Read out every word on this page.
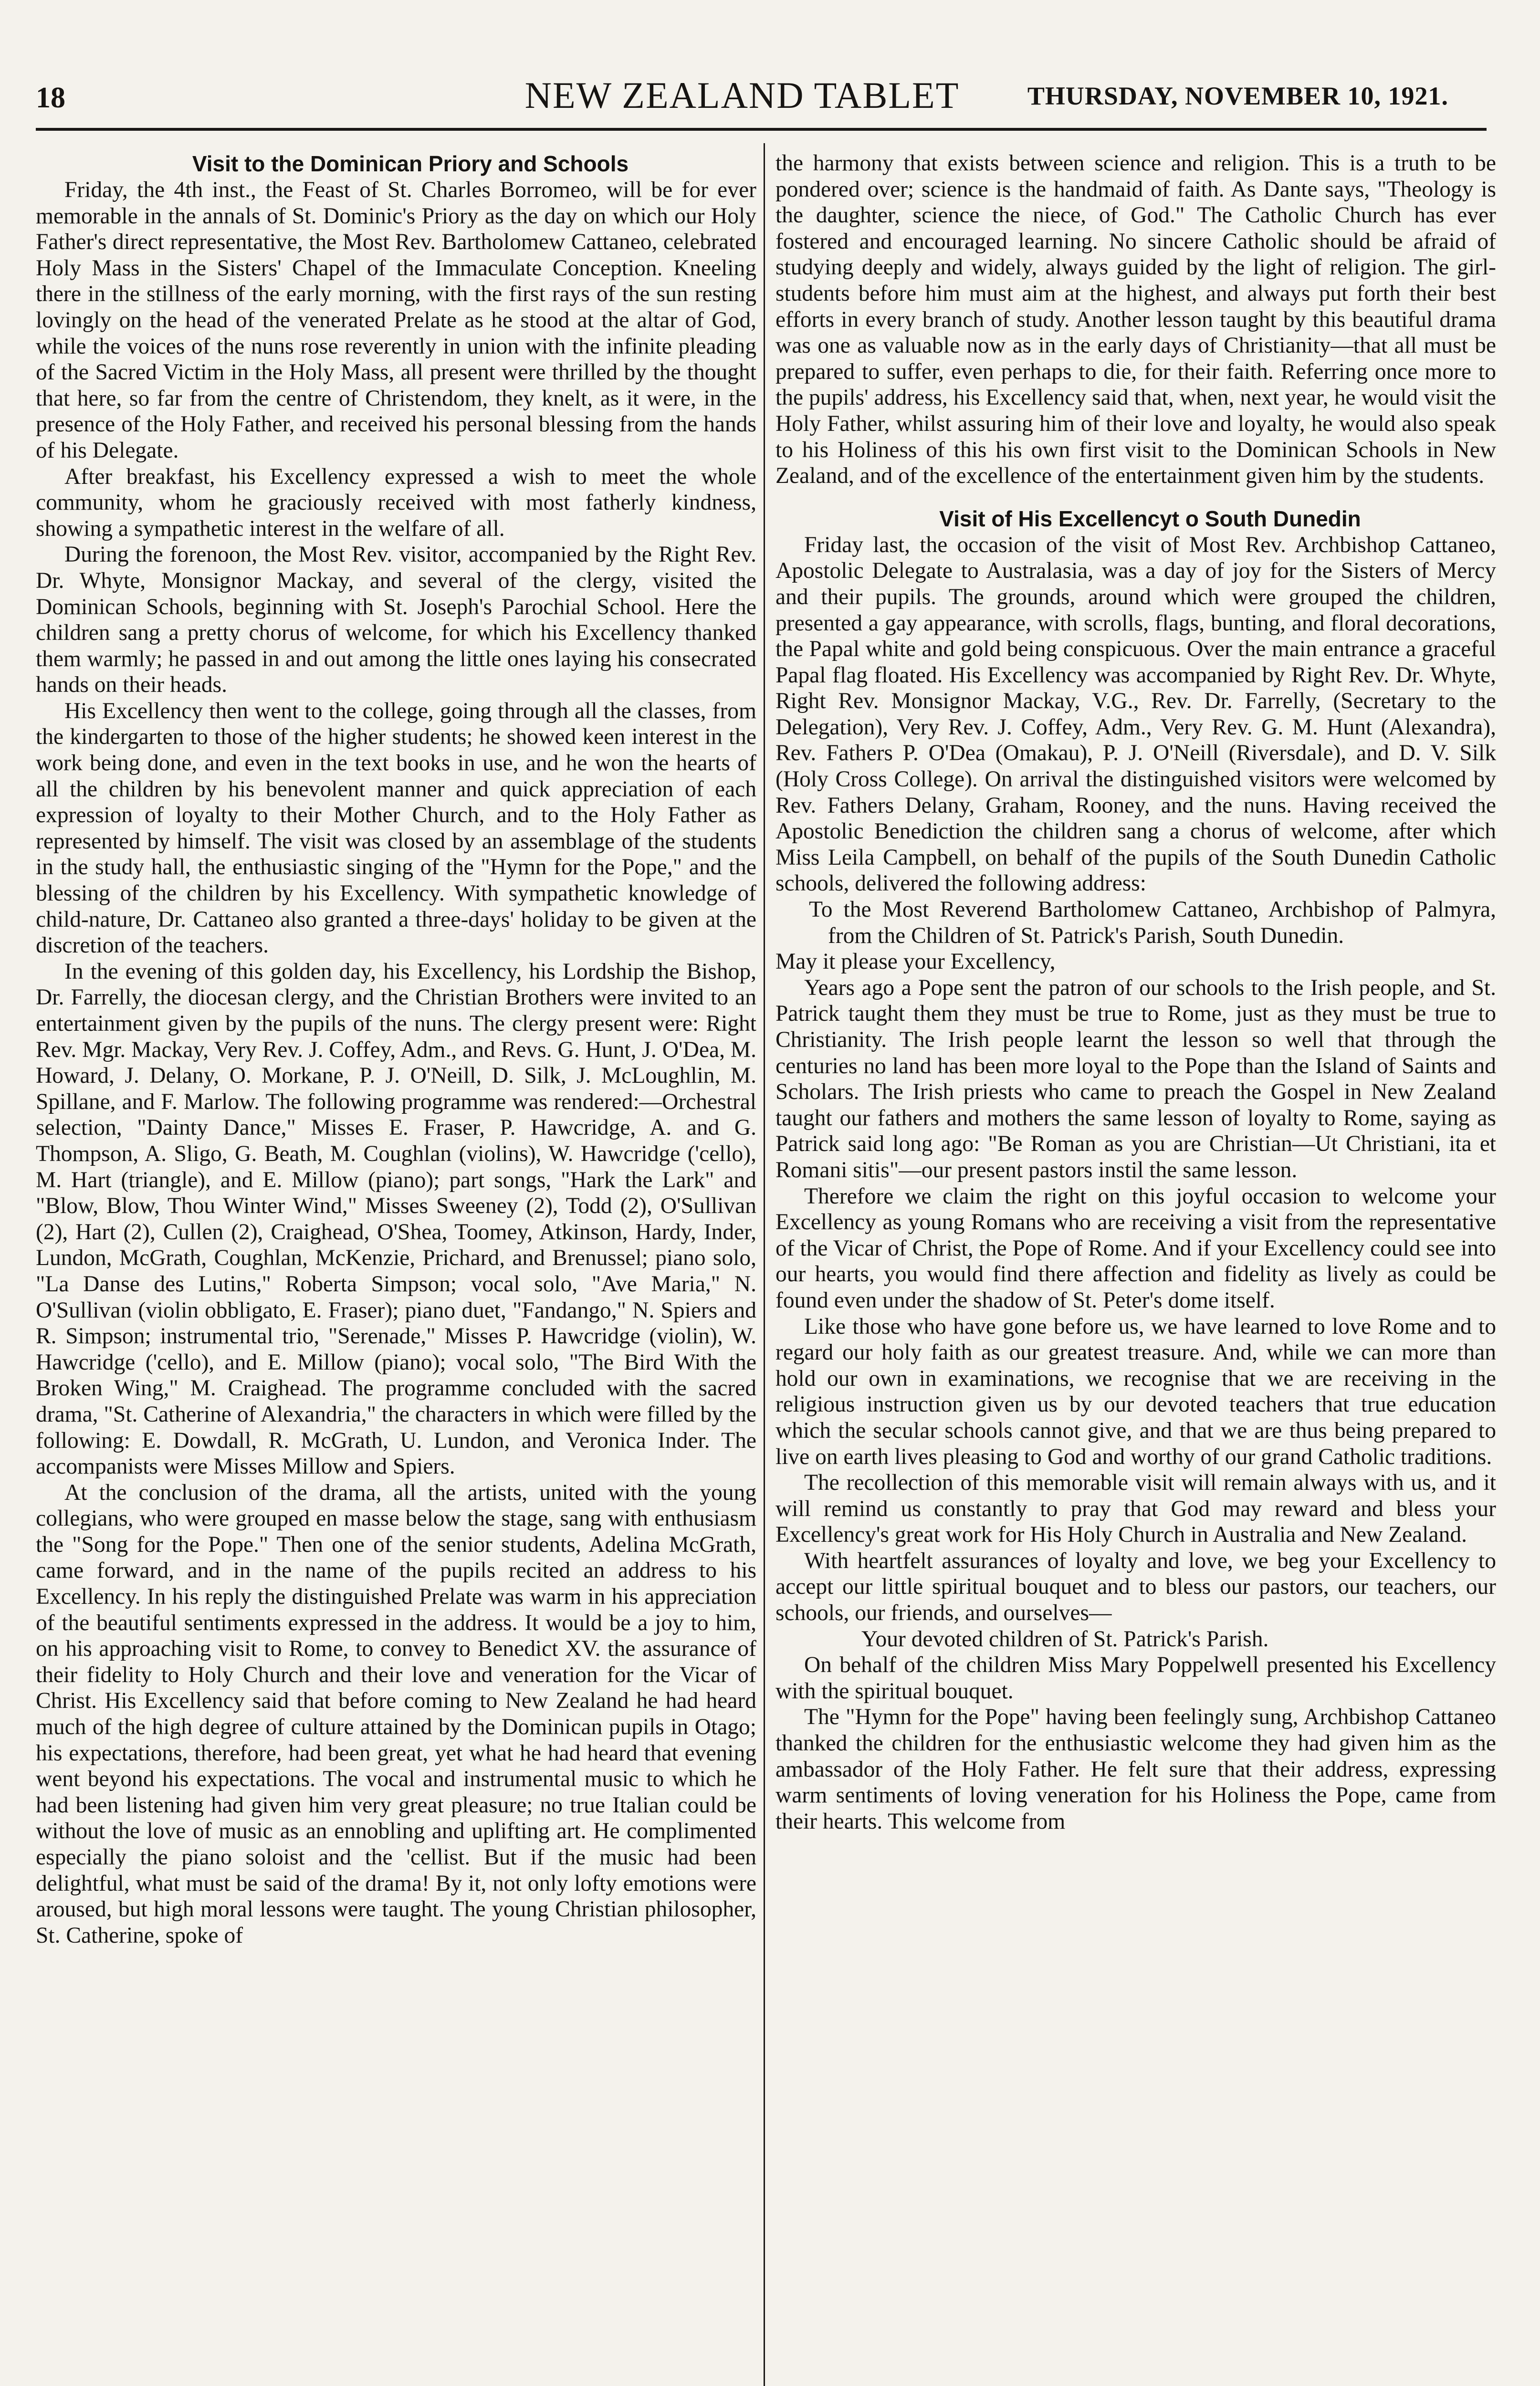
18	NEW ZEALAND TABLET	THURSDAY, NOVEMBER 10, 1921.

Visit to the Dominican Priory and Schools

Friday, the 4th inst., the Feast of St. Charles Borromeo, will be for ever memorable in the annals of St. Dominic's Priory as the day on which our Holy Father's direct representative, the Most Rev. Bartholomew Cattaneo, celebrated Holy Mass in the Sisters' Chapel of the Immaculate Conception. Kneeling there in the stillness of the early morning, with the first rays of the sun resting lovingly on the head of the venerated Prelate as he stood at the altar of God, while the voices of the nuns rose reverently in union with the infinite pleading of the Sacred Victim in the Holy Mass, all present were thrilled by the thought that here, so far from the centre of Christendom, they knelt, as it were, in the presence of the Holy Father, and received his personal blessing from the hands of his Delegate.

After breakfast, his Excellency expressed a wish to meet the whole community, whom he graciously received with most fatherly kindness, showing a sympathetic interest in the welfare of all.

During the forenoon, the Most Rev. visitor, accompanied by the Right Rev. Dr. Whyte, Monsignor Mackay, and several of the clergy, visited the Dominican Schools, beginning with St. Joseph's Parochial School. Here the children sang a pretty chorus of welcome, for which his Excellency thanked them warmly; he passed in and out among the little ones laying his consecrated hands on their heads.

His Excellency then went to the college, going through all the classes, from the kindergarten to those of the higher students; he showed keen interest in the work being done, and even in the text books in use, and he won the hearts of all the children by his benevolent manner and quick appreciation of each expression of loyalty to their Mother Church, and to the Holy Father as represented by himself. The visit was closed by an assemblage of the students in the study hall, the enthusiastic singing of the "Hymn for the Pope," and the blessing of the children by his Excellency. With sympathetic knowledge of child-nature, Dr. Cattaneo also granted a three-days' holiday to be given at the discretion of the teachers.

In the evening of this golden day, his Excellency, his Lordship the Bishop, Dr. Farrelly, the diocesan clergy, and the Christian Brothers were invited to an entertainment given by the pupils of the nuns. The clergy present were: Right Rev. Mgr. Mackay, Very Rev. J. Coffey, Adm., and Revs. G. Hunt, J. O'Dea, M. Howard, J. Delany, O. Morkane, P. J. O'Neill, D. Silk, J. McLoughlin, M. Spillane, and F. Marlow. The following programme was rendered:—Orchestral selection, "Dainty Dance," Misses E. Fraser, P. Hawcridge, A. and G. Thompson, A. Sligo, G. Beath, M. Coughlan (violins), W. Hawcridge ('cello), M. Hart (triangle), and E. Millow (piano); part songs, "Hark the Lark" and "Blow, Blow, Thou Winter Wind," Misses Sweeney (2), Todd (2), O'Sullivan (2), Hart (2), Cullen (2), Craighead, O'Shea, Toomey, Atkinson, Hardy, Inder, Lundon, McGrath, Coughlan, McKenzie, Prichard, and Brenussel; piano solo, "La Danse des Lutins," Roberta Simpson; vocal solo, "Ave Maria," N. O'Sullivan (violin obbligato, E. Fraser); piano duet, "Fandango," N. Spiers and R. Simpson; instrumental trio, "Serenade," Misses P. Hawcridge (violin), W. Hawcridge ('cello), and E. Millow (piano); vocal solo, "The Bird With the Broken Wing," M. Craighead. The programme concluded with the sacred drama, "St. Catherine of Alexandria," the characters in which were filled by the following: E. Dowdall, R. McGrath, U. Lundon, and Veronica Inder. The accompanists were Misses Millow and Spiers.

At the conclusion of the drama, all the artists, united with the young collegians, who were grouped en masse below the stage, sang with enthusiasm the "Song for the Pope." Then one of the senior students, Adelina McGrath, came forward, and in the name of the pupils recited an address to his Excellency. In his reply the distinguished Prelate was warm in his appreciation of the beautiful sentiments expressed in the address. It would be a joy to him, on his approaching visit to Rome, to convey to Benedict XV. the assurance of their fidelity to Holy Church and their love and veneration for the Vicar of Christ. His Excellency said that before coming to New Zealand he had heard much of the high degree of culture attained by the Dominican pupils in Otago; his expectations, therefore, had been great, yet what he had heard that evening went beyond his expectations. The vocal and instrumental music to which he had been listening had given him very great pleasure; no true Italian could be without the love of music as an ennobling and uplifting art. He complimented especially the piano soloist and the 'cellist. But if the music had been delightful, what must be said of the drama! By it, not only lofty emotions were aroused, but high moral lessons were taught. The young Christian philosopher, St. Catherine, spoke of

the harmony that exists between science and religion. This is a truth to be pondered over; science is the handmaid of faith. As Dante says, "Theology is the daughter, science the niece, of God." The Catholic Church has ever fostered and encouraged learning. No sincere Catholic should be afraid of studying deeply and widely, always guided by the light of religion. The girl-students before him must aim at the highest, and always put forth their best efforts in every branch of study. Another lesson taught by this beautiful drama was one as valuable now as in the early days of Christianity—that all must be prepared to suffer, even perhaps to die, for their faith. Referring once more to the pupils' address, his Excellency said that, when, next year, he would visit the Holy Father, whilst assuring him of their love and loyalty, he would also speak to his Holiness of this his own first visit to the Dominican Schools in New Zealand, and of the excellence of the entertainment given him by the students.

Visit of His Excellencyt o South Dunedin

Friday last, the occasion of the visit of Most Rev. Archbishop Cattaneo, Apostolic Delegate to Australasia, was a day of joy for the Sisters of Mercy and their pupils. The grounds, around which were grouped the children, presented a gay appearance, with scrolls, flags, bunting, and floral decorations, the Papal white and gold being conspicuous. Over the main entrance a graceful Papal flag floated. His Excellency was accompanied by Right Rev. Dr. Whyte, Right Rev. Monsignor Mackay, V.G., Rev. Dr. Farrelly, (Secretary to the Delegation), Very Rev. J. Coffey, Adm., Very Rev. G. M. Hunt (Alexandra), Rev. Fathers P. O'Dea (Omakau), P. J. O'Neill (Riversdale), and D. V. Silk (Holy Cross College). On arrival the distinguished visitors were welcomed by Rev. Fathers Delany, Graham, Rooney, and the nuns. Having received the Apostolic Benediction the children sang a chorus of welcome, after which Miss Leila Campbell, on behalf of the pupils of the South Dunedin Catholic schools, delivered the following address:

To the Most Reverend Bartholomew Cattaneo, Archbishop of Palmyra, from the Children of St. Patrick's Parish, South Dunedin.

May it please your Excellency,

Years ago a Pope sent the patron of our schools to the Irish people, and St. Patrick taught them they must be true to Rome, just as they must be true to Christianity. The Irish people learnt the lesson so well that through the centuries no land has been more loyal to the Pope than the Island of Saints and Scholars. The Irish priests who came to preach the Gospel in New Zealand taught our fathers and mothers the same lesson of loyalty to Rome, saying as Patrick said long ago: "Be Roman as you are Christian—Ut Christiani, ita et Romani sitis"—our present pastors instil the same lesson.

Therefore we claim the right on this joyful occasion to welcome your Excellency as young Romans who are receiving a visit from the representative of the Vicar of Christ, the Pope of Rome. And if your Excellency could see into our hearts, you would find there affection and fidelity as lively as could be found even under the shadow of St. Peter's dome itself.

Like those who have gone before us, we have learned to love Rome and to regard our holy faith as our greatest treasure. And, while we can more than hold our own in examinations, we recognise that we are receiving in the religious instruction given us by our devoted teachers that true education which the secular schools cannot give, and that we are thus being prepared to live on earth lives pleasing to God and worthy of our grand Catholic traditions.

The recollection of this memorable visit will remain always with us, and it will remind us constantly to pray that God may reward and bless your Excellency's great work for His Holy Church in Australia and New Zealand.

With heartfelt assurances of loyalty and love, we beg your Excellency to accept our little spiritual bouquet and to bless our pastors, our teachers, our schools, our friends, and ourselves—

Your devoted children of St. Patrick's Parish.

On behalf of the children Miss Mary Poppelwell presented his Excellency with the spiritual bouquet.

The "Hymn for the Pope" having been feelingly sung, Archbishop Cattaneo thanked the children for the enthusiastic welcome they had given him as the ambassador of the Holy Father. He felt sure that their address, expressing warm sentiments of loving veneration for his Holiness the Pope, came from their hearts. This welcome from
